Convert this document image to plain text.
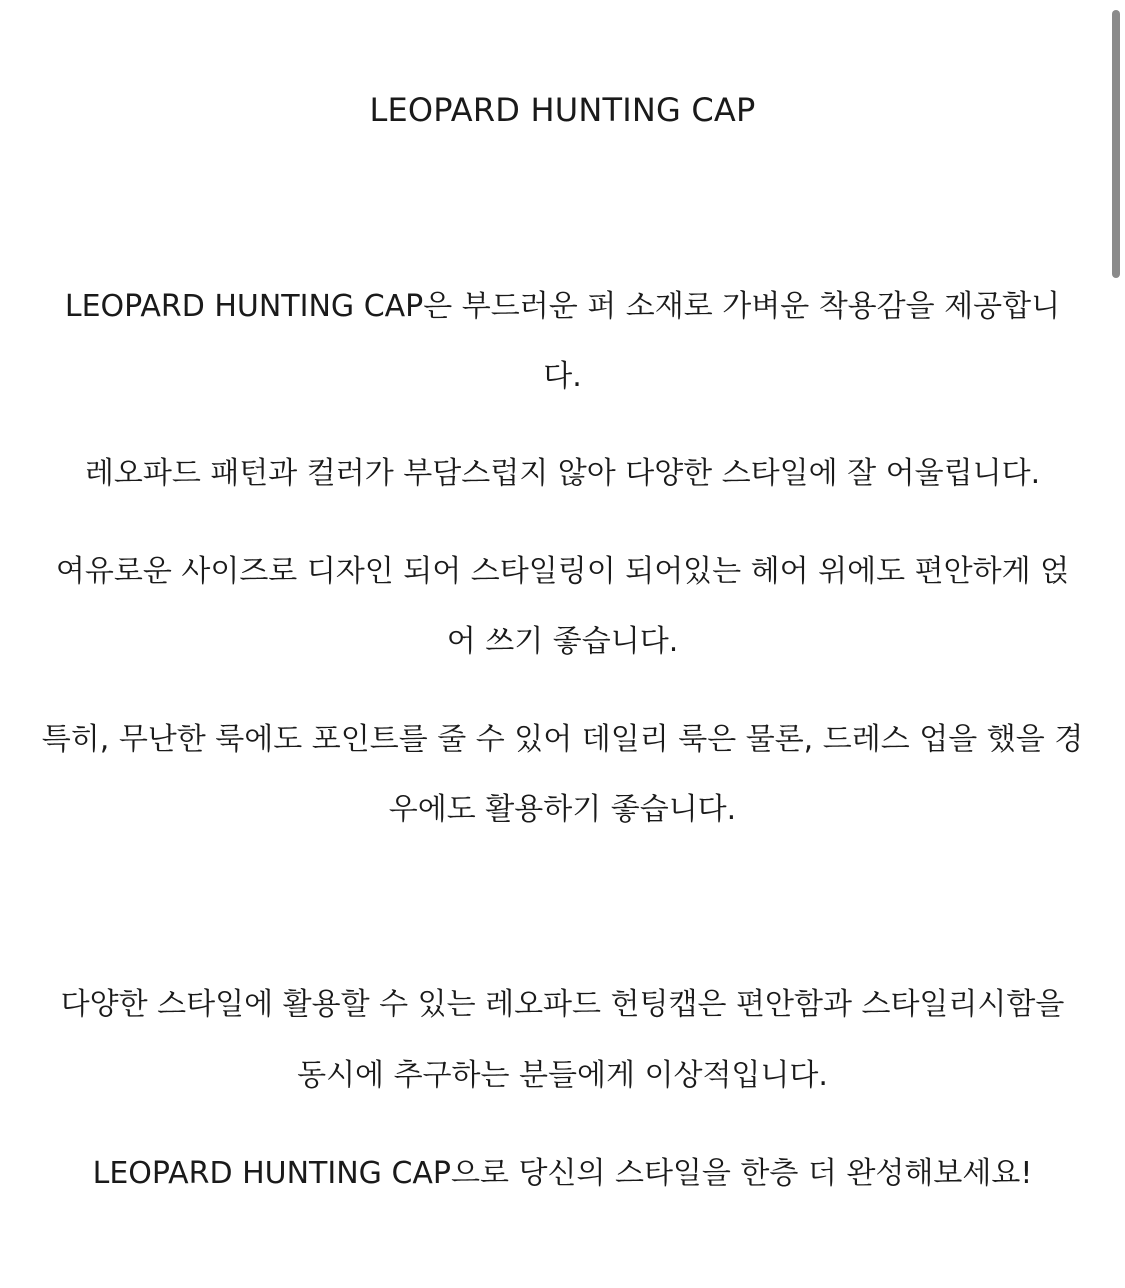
LEOPARD HUNTING CAP
LEOPARD HUNTING CAP은 부드러운 퍼 소재로 가벼운 착용감을 제공합니
다.
레오파드 패턴과 컬러가 부담스럽지 않아 다양한 스타일에 잘 어울립니다.
여유로운 사이즈로 디자인 되어 스타일링이 되어있는 헤어 위에도 편안하게 얹
어 쓰기 좋습니다.
특히, 무난한 룩에도 포인트를 줄 수 있어 데일리 룩은 물론, 드레스 업을 했을 경
우에도 활용하기 좋습니다.
다양한 스타일에 활용할 수 있는 레오파드 헌팅캡은 편안함과 스타일리시함을
동시에 추구하는 분들에게 이상적입니다.
LEOPARD HUNTING CAP으로 당신의 스타일을 한층 더 완성해보세요!
